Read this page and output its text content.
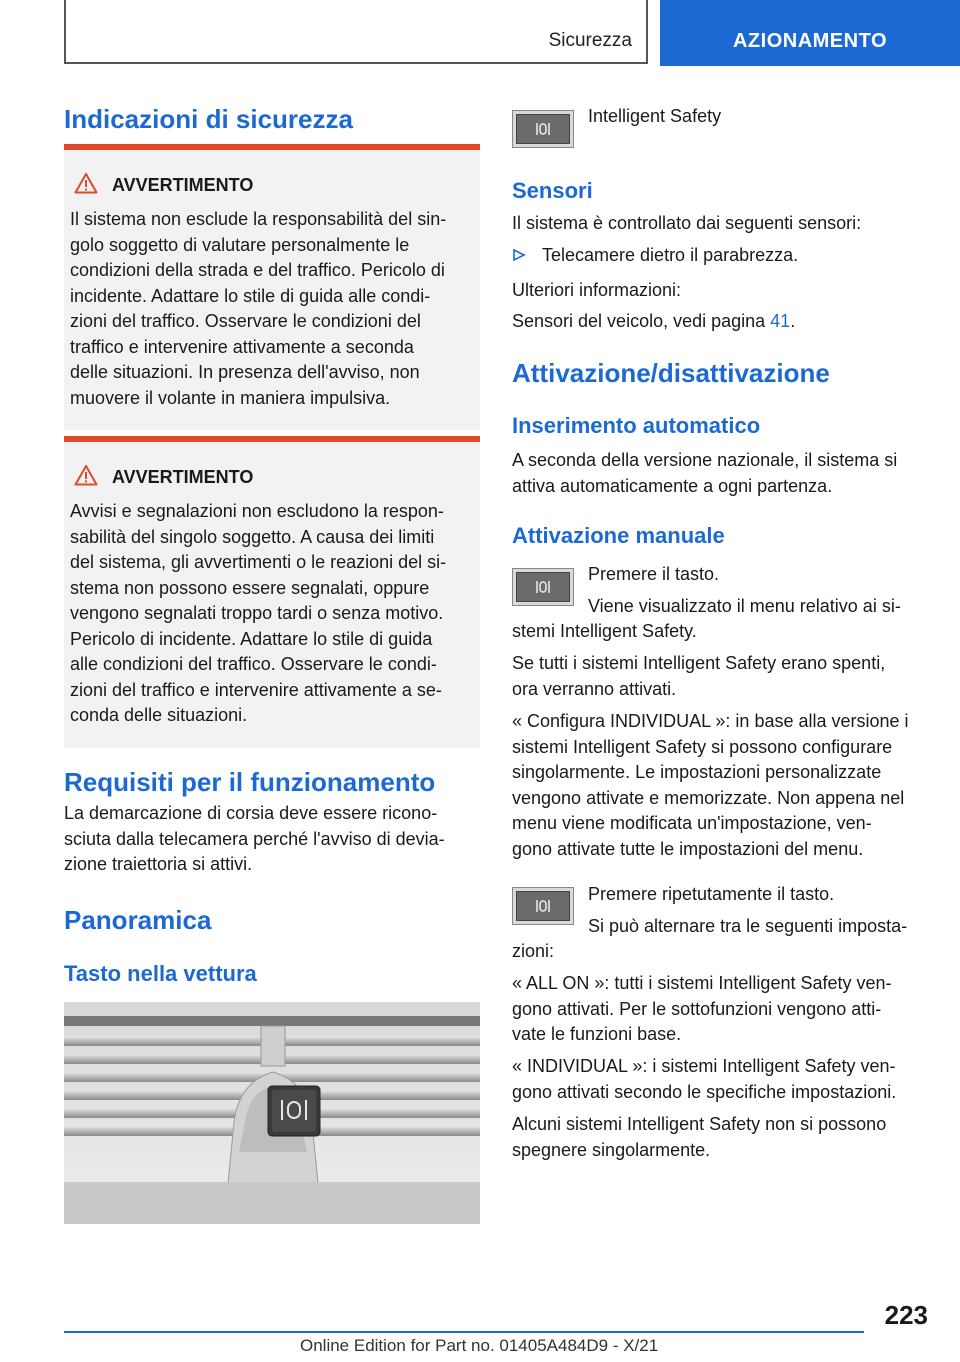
Sicurezza	AZIONAMENTO
Indicazioni di sicurezza
AVVERTIMENTO
Il sistema non esclude la responsabilità del sin-
golo soggetto di valutare personalmente le
condizioni della strada e del traffico. Pericolo di
incidente. Adattare lo stile di guida alle condi-
zioni del traffico. Osservare le condizioni del
traffico e intervenire attivamente a seconda
delle situazioni. In presenza dell'avviso, non
muovere il volante in maniera impulsiva.
AVVERTIMENTO
Avvisi e segnalazioni non escludono la respon-
sabilità del singolo soggetto. A causa dei limiti
del sistema, gli avvertimenti o le reazioni del si-
stema non possono essere segnalati, oppure
vengono segnalati troppo tardi o senza motivo.
Pericolo di incidente. Adattare lo stile di guida
alle condizioni del traffico. Osservare le condi-
zioni del traffico e intervenire attivamente a se-
conda delle situazioni.
Requisiti per il funzionamento
La demarcazione di corsia deve essere ricono-
sciuta dalla telecamera perché l'avviso di devia-
zione traiettoria si attivi.
Panoramica
Tasto nella vettura
Intelligent Safety
Sensori
Il sistema è controllato dai seguenti sensori:
Telecamere dietro il parabrezza.
Ulteriori informazioni:
Sensori del veicolo, vedi pagina 41.
Attivazione/disattivazione
Inserimento automatico
A seconda della versione nazionale, il sistema si
attiva automaticamente a ogni partenza.
Attivazione manuale
Premere il tasto.
Viene visualizzato il menu relativo ai si-
stemi Intelligent Safety.
Se tutti i sistemi Intelligent Safety erano spenti,
ora verranno attivati.
« Configura INDIVIDUAL »: in base alla versione i
sistemi Intelligent Safety si possono configurare
singolarmente. Le impostazioni personalizzate
vengono attivate e memorizzate. Non appena nel
menu viene modificata un'impostazione, ven-
gono attivate tutte le impostazioni del menu.
Premere ripetutamente il tasto.
Si può alternare tra le seguenti imposta-
zioni:
« ALL ON »: tutti i sistemi Intelligent Safety ven-
gono attivati. Per le sottofunzioni vengono atti-
vate le funzioni base.
« INDIVIDUAL »: i sistemi Intelligent Safety ven-
gono attivati secondo le specifiche impostazioni.
Alcuni sistemi Intelligent Safety non si possono
spegnere singolarmente.
223
Online Edition for Part no. 01405A484D9 - X/21
